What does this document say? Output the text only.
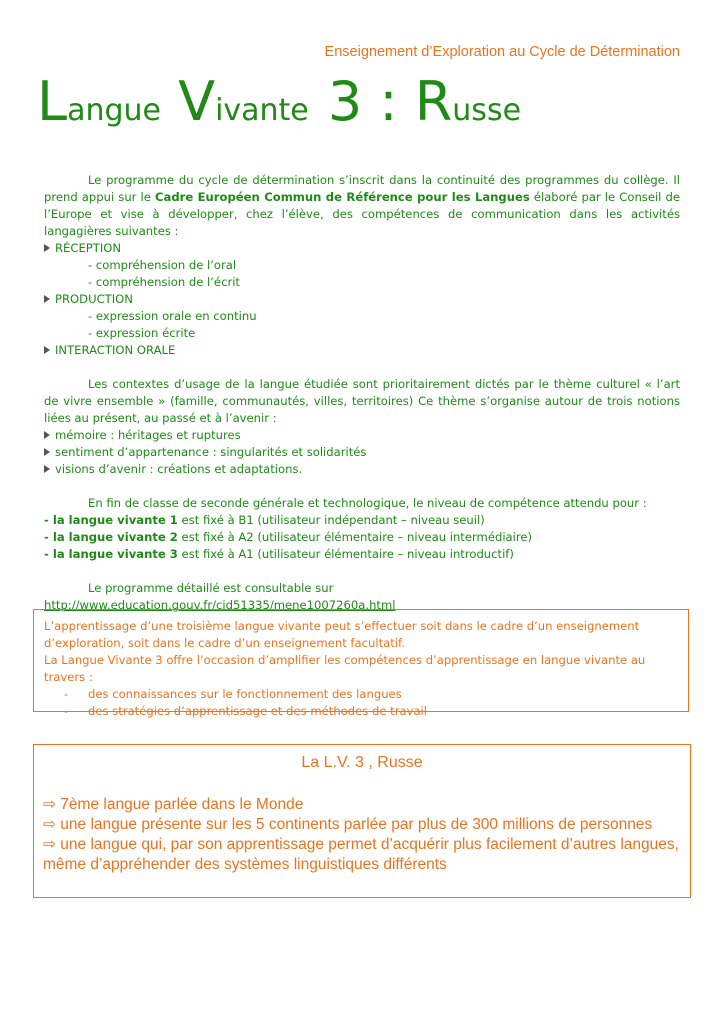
Enseignement d’Exploration au Cycle de Détermination
Langue Vivante 3 : Russe

Le programme du cycle de détermination s’inscrit dans la continuité des programmes du collège. Il prend appui sur le Cadre Européen Commun de Référence pour les Langues élaboré par le Conseil de l’Europe et vise à développer, chez l’élève, des compétences de communication dans les activités langagières suivantes :

RÉCEPTION

- compréhension de l’oral

- compréhension de l’écrit

PRODUCTION

- expression orale en continu

- expression écrite

INTERACTION ORALE

Les contextes d’usage de la langue étudiée sont prioritairement dictés par le thème culturel « l’art de vivre ensemble » (famille, communautés, villes, territoires) Ce thème s’organise autour de trois notions liées au présent, au passé et à l’avenir :

mémoire : héritages et ruptures

sentiment d’appartenance : singularités et solidarités

visions d’avenir : créations et adaptations.

En fin de classe de seconde générale et technologique, le niveau de compétence attendu pour :

- la langue vivante 1 est fixé à B1 (utilisateur indépendant – niveau seuil)

- la langue vivante 2 est fixé à A2 (utilisateur élémentaire – niveau intermédiaire)

- la langue vivante 3 est fixé à A1 (utilisateur élémentaire – niveau introductif)

Le programme détaillé est consultable sur http://www.education.gouv.fr/cid51335/mene1007260a.html

L’apprentissage d’une troisième langue vivante peut s’effectuer soit dans le cadre d’un enseignement d’exploration, soit dans le cadre d’un enseignement facultatif.

La Langue Vivante 3 offre l’occasion d’amplifier les compétences d’apprentissage en langue vivante au travers :

- des connaissances sur le fonctionnement des langues

- des stratégies d’apprentissage et des méthodes de travail

La L.V. 3 , Russe

⇨ 7ème langue parlée dans le Monde

⇨ une langue présente sur les 5 continents parlée par plus de 300 millions de personnes

⇨ une langue qui, par son apprentissage permet d’acquérir plus facilement d’autres langues, même d’appréhender des systèmes linguistiques différents
